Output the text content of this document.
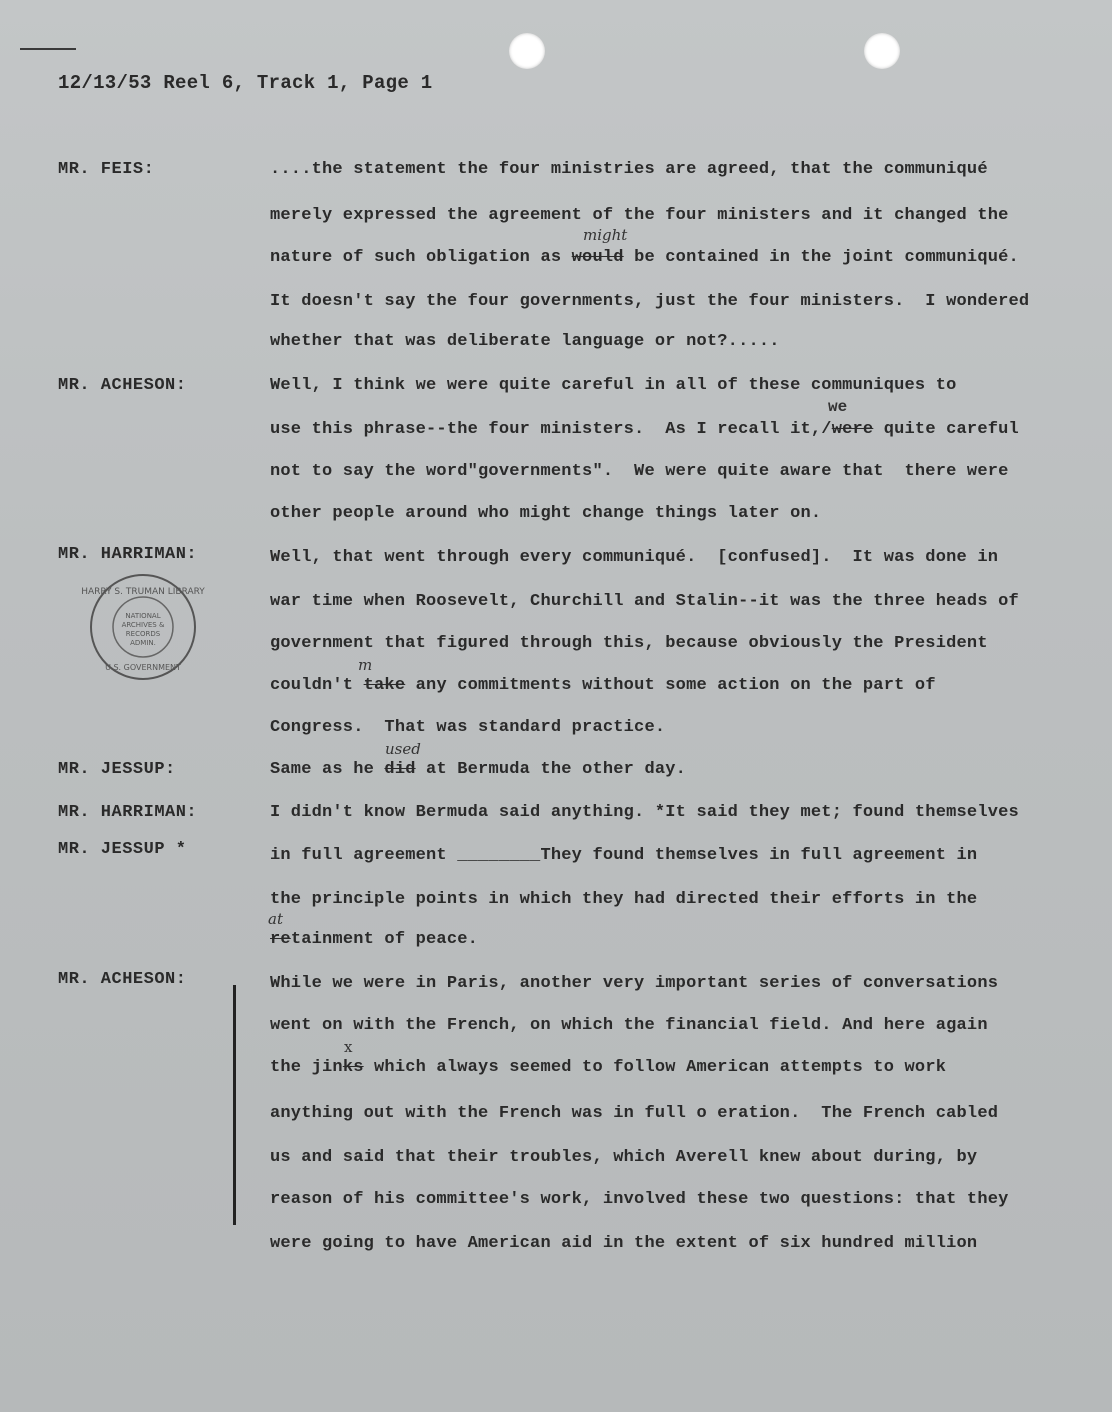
12/13/53 Reel 6, Track 1, Page 1
MR. FEIS:
MR. ACHESON:
MR. HARRIMAN:
MR. JESSUP:
MR. HARRIMAN:
MR. JESSUP *
MR. ACHESON:
HARRY S. TRUMAN LIBRARY
NATIONAL
ARCHIVES &
RECORDS
ADMIN.
U.S. GOVERNMENT
....the statement the four ministries are agreed, that the communiqué
merely expressed the agreement of the four ministers and it changed the
nature of such obligation as would be contained in the joint communiqué.
might
It doesn't say the four governments, just the four ministers.  I wondered
whether that was deliberate language or not?.....
Well, I think we were quite careful in all of these communiques to
we
use this phrase--the four ministers.  As I recall it,/were quite careful
not to say the word"governments".  We were quite aware that  there were
other people around who might change things later on.
Well, that went through every communiqué.  [confused].  It was done in
war time when Roosevelt, Churchill and Stalin--it was the three heads of
government that figured through this, because obviously the President
m
couldn't take any commitments without some action on the part of
Congress.  That was standard practice.
used
Same as he did at Bermuda the other day.
I didn't know Bermuda said anything. *It said they met; found themselves
in full agreement ________They found themselves in full agreement in
the principle points in which they had directed their efforts in the
at
retainment of peace.
While we were in Paris, another very important series of conversations
went on with the French, on which the financial field. And here again
x
the jinks which always seemed to follow American attempts to work
anything out with the French was in full o eration.  The French cabled
us and said that their troubles, which Averell knew about during, by
reason of his committee's work, involved these two questions: that they
were going to have American aid in the extent of six hundred million
